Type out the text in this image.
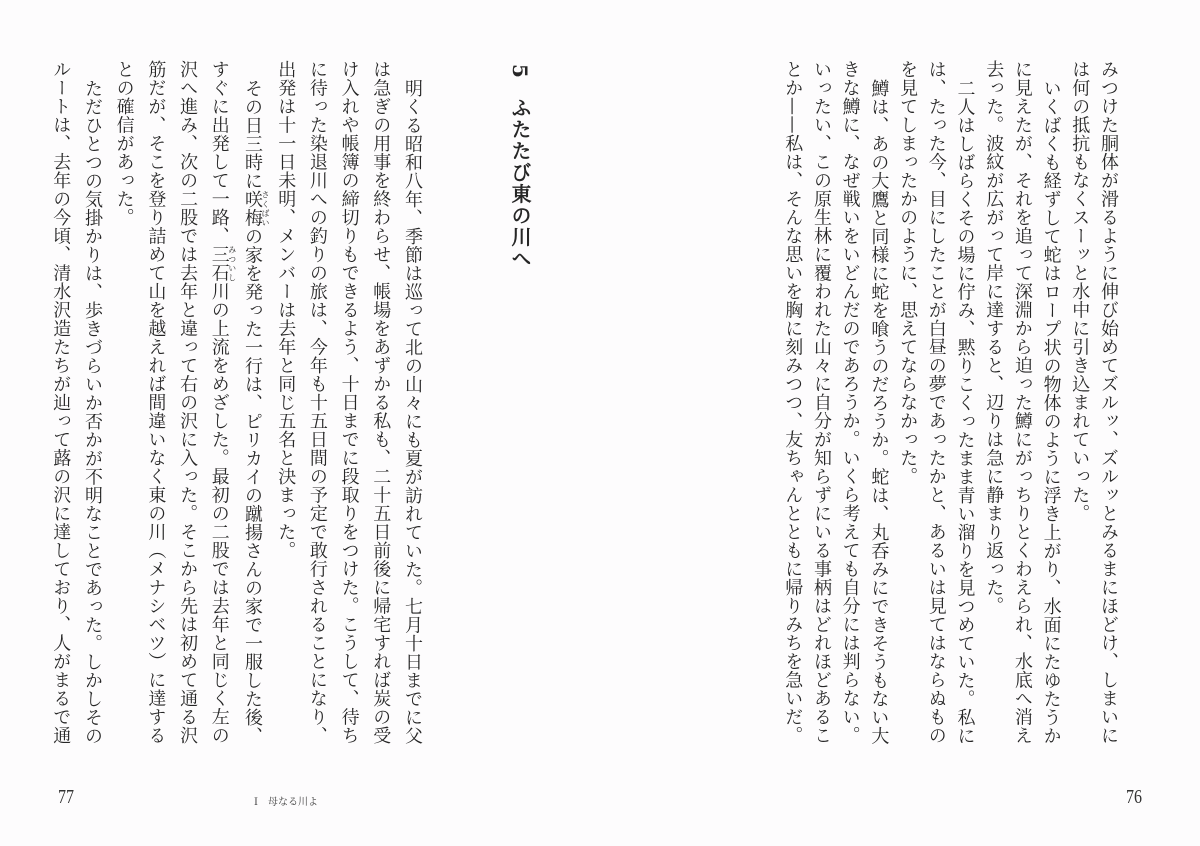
みつけた胴体が滑るように伸び始めてズルッ、ズルッとみるまにほどけ、しまいに
は何の抵抗もなくスーッと水中に引き込まれていった。
いくばくも経ずして蛇はロープ状の物体のように浮き上がり、水面にたゆたうか
に見えたが、それを追って深淵から迫った鱒にがっちりとくわえられ、水底へ消え
去った。波紋が広がって岸に達すると、辺りは急に静まり返った。
二人はしばらくその場に佇み、黙りこくったまま青い溜りを見つめていた。私に
は、たった今、目にしたことが白昼の夢であったかと、あるいは見てはならぬもの
を見てしまったかのように、思えてならなかった。
鱒は、あの大鷹と同様に蛇を喰うのだろうか。蛇は、丸呑みにできそうもない大
きな鱒に、なぜ戦いをいどんだのであろうか。いくら考えても自分には判らない。
いったい、この原生林に覆われた山々に自分が知らずにいる事柄はどれほどあるこ
とか——私は、そんな思いを胸に刻みつつ、友ちゃんとともに帰りみちを急いだ。
5ふたたび東の川へ
明くる昭和八年、季節は巡って北の山々にも夏が訪れていた。七月十日までに父
は急ぎの用事を終わらせ、帳場をあずかる私も、二十五日前後に帰宅すれば炭の受
け入れや帳簿の締切りもできるよう、十日までに段取りをつけた。こうして、待ち
に待った染退川への釣りの旅は、今年も十五日間の予定で敢行されることになり、
出発は十一日未明、メンバーは去年と同じ五名と決まった。
その日三時に咲梅さくばいの家を発った一行は、ピリカイの蹴揚さんの家で一服した後、
すぐに出発して一路、三石みついし川の上流をめざした。最初の二股では去年と同じく左の
沢へ進み、次の二股では去年と違って右の沢に入った。そこから先は初めて通る沢
筋だが、そこを登り詰めて山を越えれば間違いなく東の川（メナシベツ）に達する
との確信があった。
ただひとつの気掛かりは、歩きづらいか否かが不明なことであった。しかしその
ルートは、去年の今頃、清水沢造たちが辿って蕗の沢に達しており、人がまるで通
77	I　母なる川よ	76
